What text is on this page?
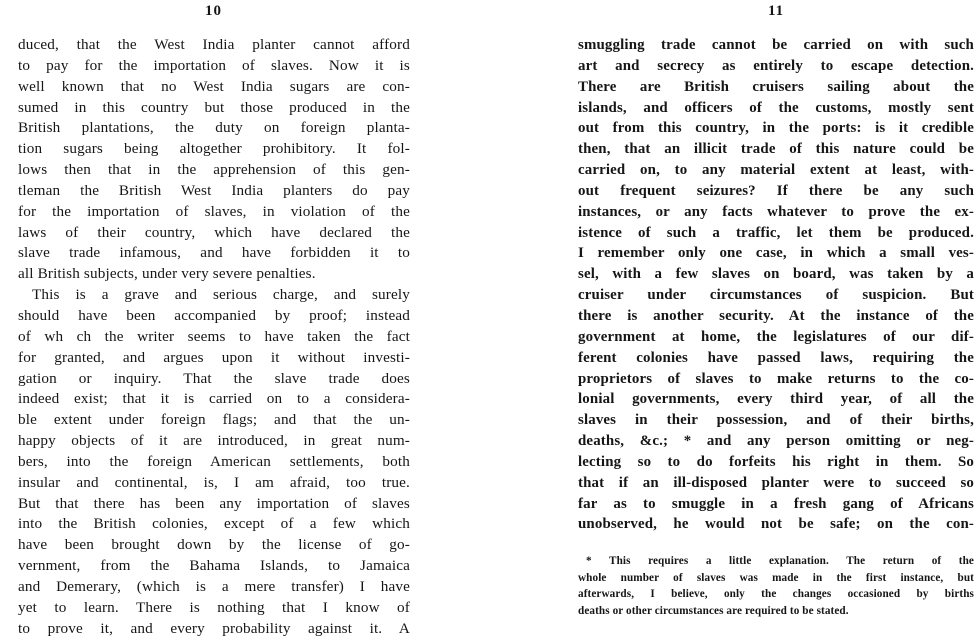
10
duced, that the West India planter cannot afford
to pay for the importation of slaves. Now it is
well known that no West India sugars are con-
sumed in this country but those produced in the
British plantations, the duty on foreign planta-
tion sugars being altogether prohibitory. It fol-
lows then that in the apprehension of this gen-
tleman the British West India planters do pay
for the importation of slaves, in violation of the
laws of their country, which have declared the
slave trade infamous, and have forbidden it to
all British subjects, under very severe penalties.
This is a grave and serious charge, and surely
should have been accompanied by proof; instead
of wh ch the writer seems to have taken the fact
for granted, and argues upon it without investi-
gation or inquiry. That the slave trade does
indeed exist; that it is carried on to a considera-
ble extent under foreign flags; and that the un-
happy objects of it are introduced, in great num-
bers, into the foreign American settlements, both
insular and continental, is, I am afraid, too true.
But that there has been any importation of slaves
into the British colonies, except of a few which
have been brought down by the license of go-
vernment, from the Bahama Islands, to Jamaica
and Demerary, (which is a mere transfer) I have
yet to learn. There is nothing that I know of
to prove it, and every probability against it. A
11
smuggling trade cannot be carried on with such
art and secrecy as entirely to escape detection.
There are British cruisers sailing about the
islands, and officers of the customs, mostly sent
out from this country, in the ports: is it credible
then, that an illicit trade of this nature could be
carried on, to any material extent at least, with-
out frequent seizures? If there be any such
instances, or any facts whatever to prove the ex-
istence of such a traffic, let them be produced.
I remember only one case, in which a small ves-
sel, with a few slaves on board, was taken by a
cruiser under circumstances of suspicion. But
there is another security. At the instance of the
government at home, the legislatures of our dif-
ferent colonies have passed laws, requiring the
proprietors of slaves to make returns to the co-
lonial governments, every third year, of all the
slaves in their possession, and of their births,
deaths, &c.; * and any person omitting or neg-
lecting so to do forfeits his right in them. So
that if an ill-disposed planter were to succeed so
far as to smuggle in a fresh gang of Africans
unobserved, he would not be safe; on the con-
* This requires a little explanation. The return of the
whole number of slaves was made in the first instance, but
afterwards, I believe, only the changes occasioned by births
deaths or other circumstances are required to be stated.
